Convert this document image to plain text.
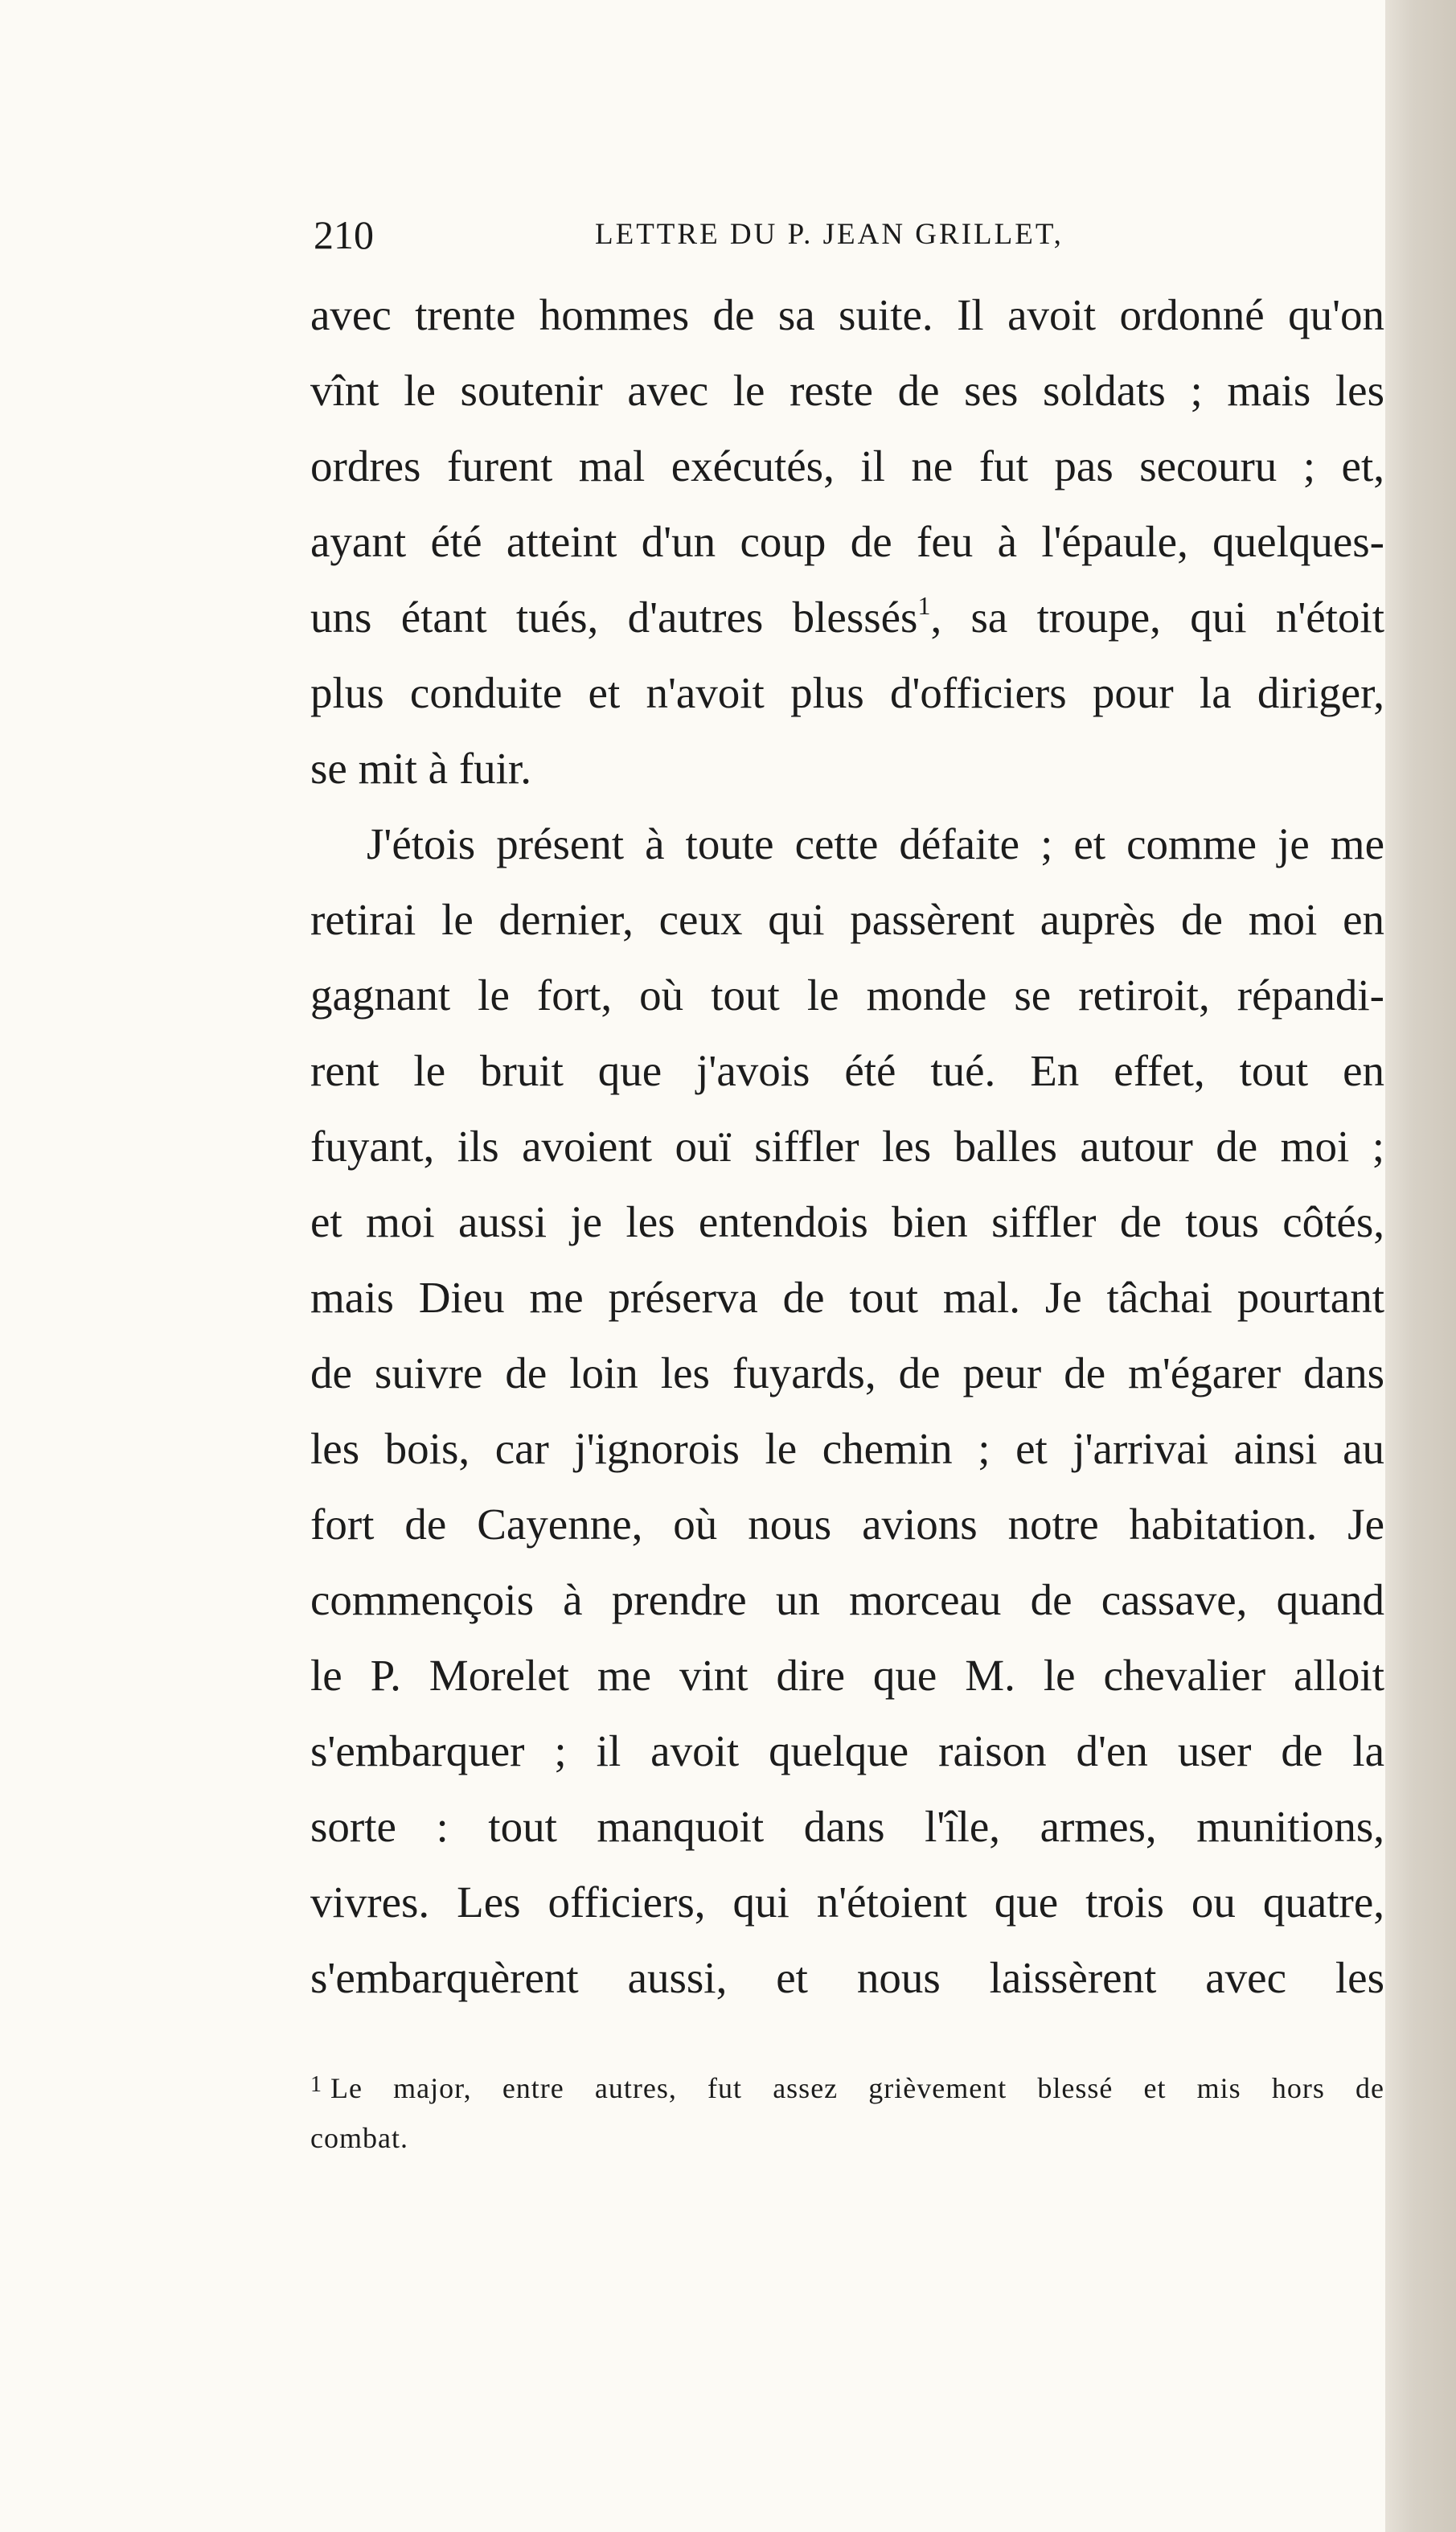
210	LETTRE DU P. JEAN GRILLET,

avec trente hommes de sa suite. Il avoit ordonné qu'on
vînt le soutenir avec le reste de ses soldats ; mais les
ordres furent mal exécutés, il ne fut pas secouru ; et,
ayant été atteint d'un coup de feu à l'épaule, quelques-
uns étant tués, d'autres blessés$^1$, sa troupe, qui n'étoit
plus conduite et n'avoit plus d'officiers pour la diriger,
se mit à fuir.

J'étois présent à toute cette défaite ; et comme je me
retirai le dernier, ceux qui passèrent auprès de moi en
gagnant le fort, où tout le monde se retiroit, répandi-
rent le bruit que j'avois été tué. En effet, tout en
fuyant, ils avoient ouï siffler les balles autour de moi ;
et moi aussi je les entendois bien siffler de tous côtés,
mais Dieu me préserva de tout mal. Je tâchai pourtant
de suivre de loin les fuyards, de peur de m'égarer dans
les bois, car j'ignorois le chemin ; et j'arrivai ainsi au
fort de Cayenne, où nous avions notre habitation. Je
commençois à prendre un morceau de cassave, quand
le P. Morelet me vint dire que M. le chevalier alloit
s'embarquer ; il avoit quelque raison d'en user de la
sorte : tout manquoit dans l'île, armes, munitions,
vivres. Les officiers, qui n'étoient que trois ou quatre,
s'embarquèrent aussi, et nous laissèrent avec les

$^1$ Le major, entre autres, fut assez grièvement blessé et mis hors de
combat.
